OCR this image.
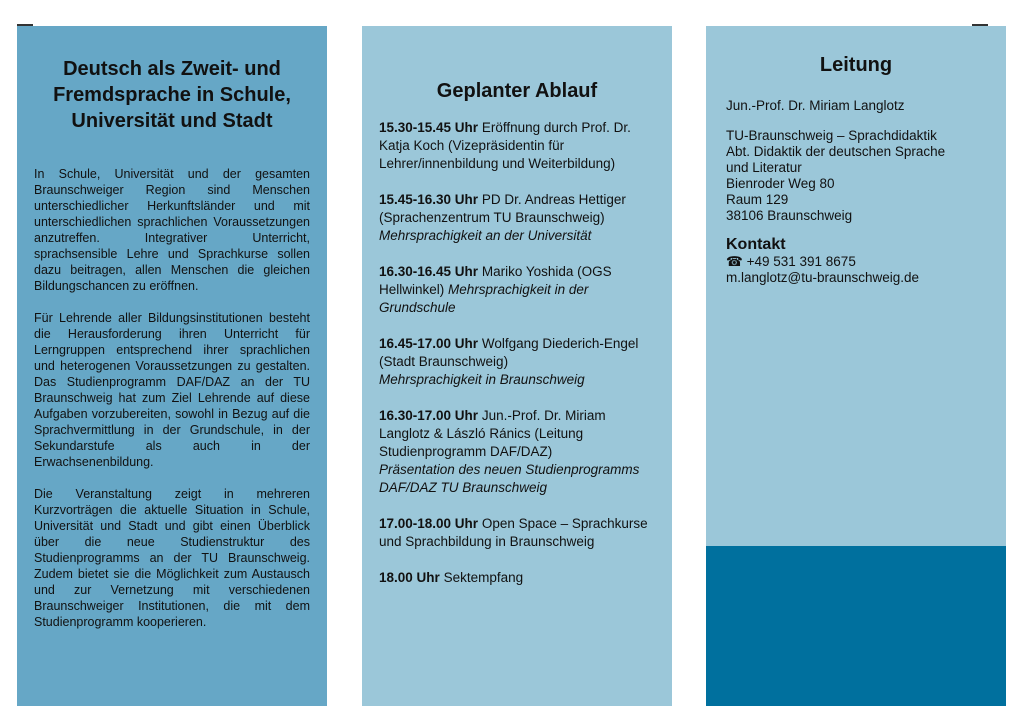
Deutsch als Zweit- und Fremdsprache in Schule, Universität und Stadt

In Schule, Universität und der gesamten Braunschweiger Region sind Menschen unterschiedlicher Herkunftsländer und mit unterschiedlichen sprachlichen Voraussetzungen anzutreffen. Integrativer Unterricht, sprachsensible Lehre und Sprachkurse sollen dazu beitragen, allen Menschen die gleichen Bildungschancen zu eröffnen.

Für Lehrende aller Bildungsinstitutionen besteht die Herausforderung ihren Unterricht für Lerngruppen entsprechend ihrer sprachlichen und heterogenen Voraussetzungen zu gestalten. Das Studienprogramm DAF/DAZ an der TU Braunschweig hat zum Ziel Lehrende auf diese Aufgaben vorzubereiten, sowohl in Bezug auf die Sprachvermittlung in der Grundschule, in der Sekundarstufe als auch in der Erwachsenenbildung.

Die Veranstaltung zeigt in mehreren Kurzvorträgen die aktuelle Situation in Schule, Universität und Stadt und gibt einen Überblick über die neue Studienstruktur des Studienprogramms an der TU Braunschweig. Zudem bietet sie die Möglichkeit zum Austausch und zur Vernetzung mit verschiedenen Braunschweiger Institutionen, die mit dem Studienprogramm kooperieren.

Geplanter Ablauf
15.30-15.45 Uhr Eröffnung durch Prof. Dr. Katja Koch (Vizepräsidentin für Lehrer/innenbildung und Weiterbildung)
15.45-16.30 Uhr PD Dr. Andreas Hettiger (Sprachenzentrum TU Braunschweig) Mehrsprachigkeit an der Universität
16.30-16.45 Uhr Mariko Yoshida (OGS Hellwinkel) Mehrsprachigkeit in der Grundschule
16.45-17.00 Uhr Wolfgang Diederich-Engel (Stadt Braunschweig)
Mehrsprachigkeit in Braunschweig
16.30-17.00 Uhr Jun.-Prof. Dr. Miriam Langlotz & László Ránics (Leitung Studienprogramm DAF/DAZ)
Präsentation des neuen Studienprogramms DAF/DAZ TU Braunschweig
17.00-18.00 Uhr Open Space – Sprachkurse und Sprachbildung in Braunschweig
18.00 Uhr Sektempfang
Leitung

Jun.-Prof. Dr. Miriam Langlotz

TU-Braunschweig – Sprachdidaktik

Abt. Didaktik der deutschen Sprache

und Literatur

Bienroder Weg 80

Raum 129

38106 Braunschweig

Kontakt

☎ +49 531 391 8675

m.langlotz@tu-braunschweig.de
